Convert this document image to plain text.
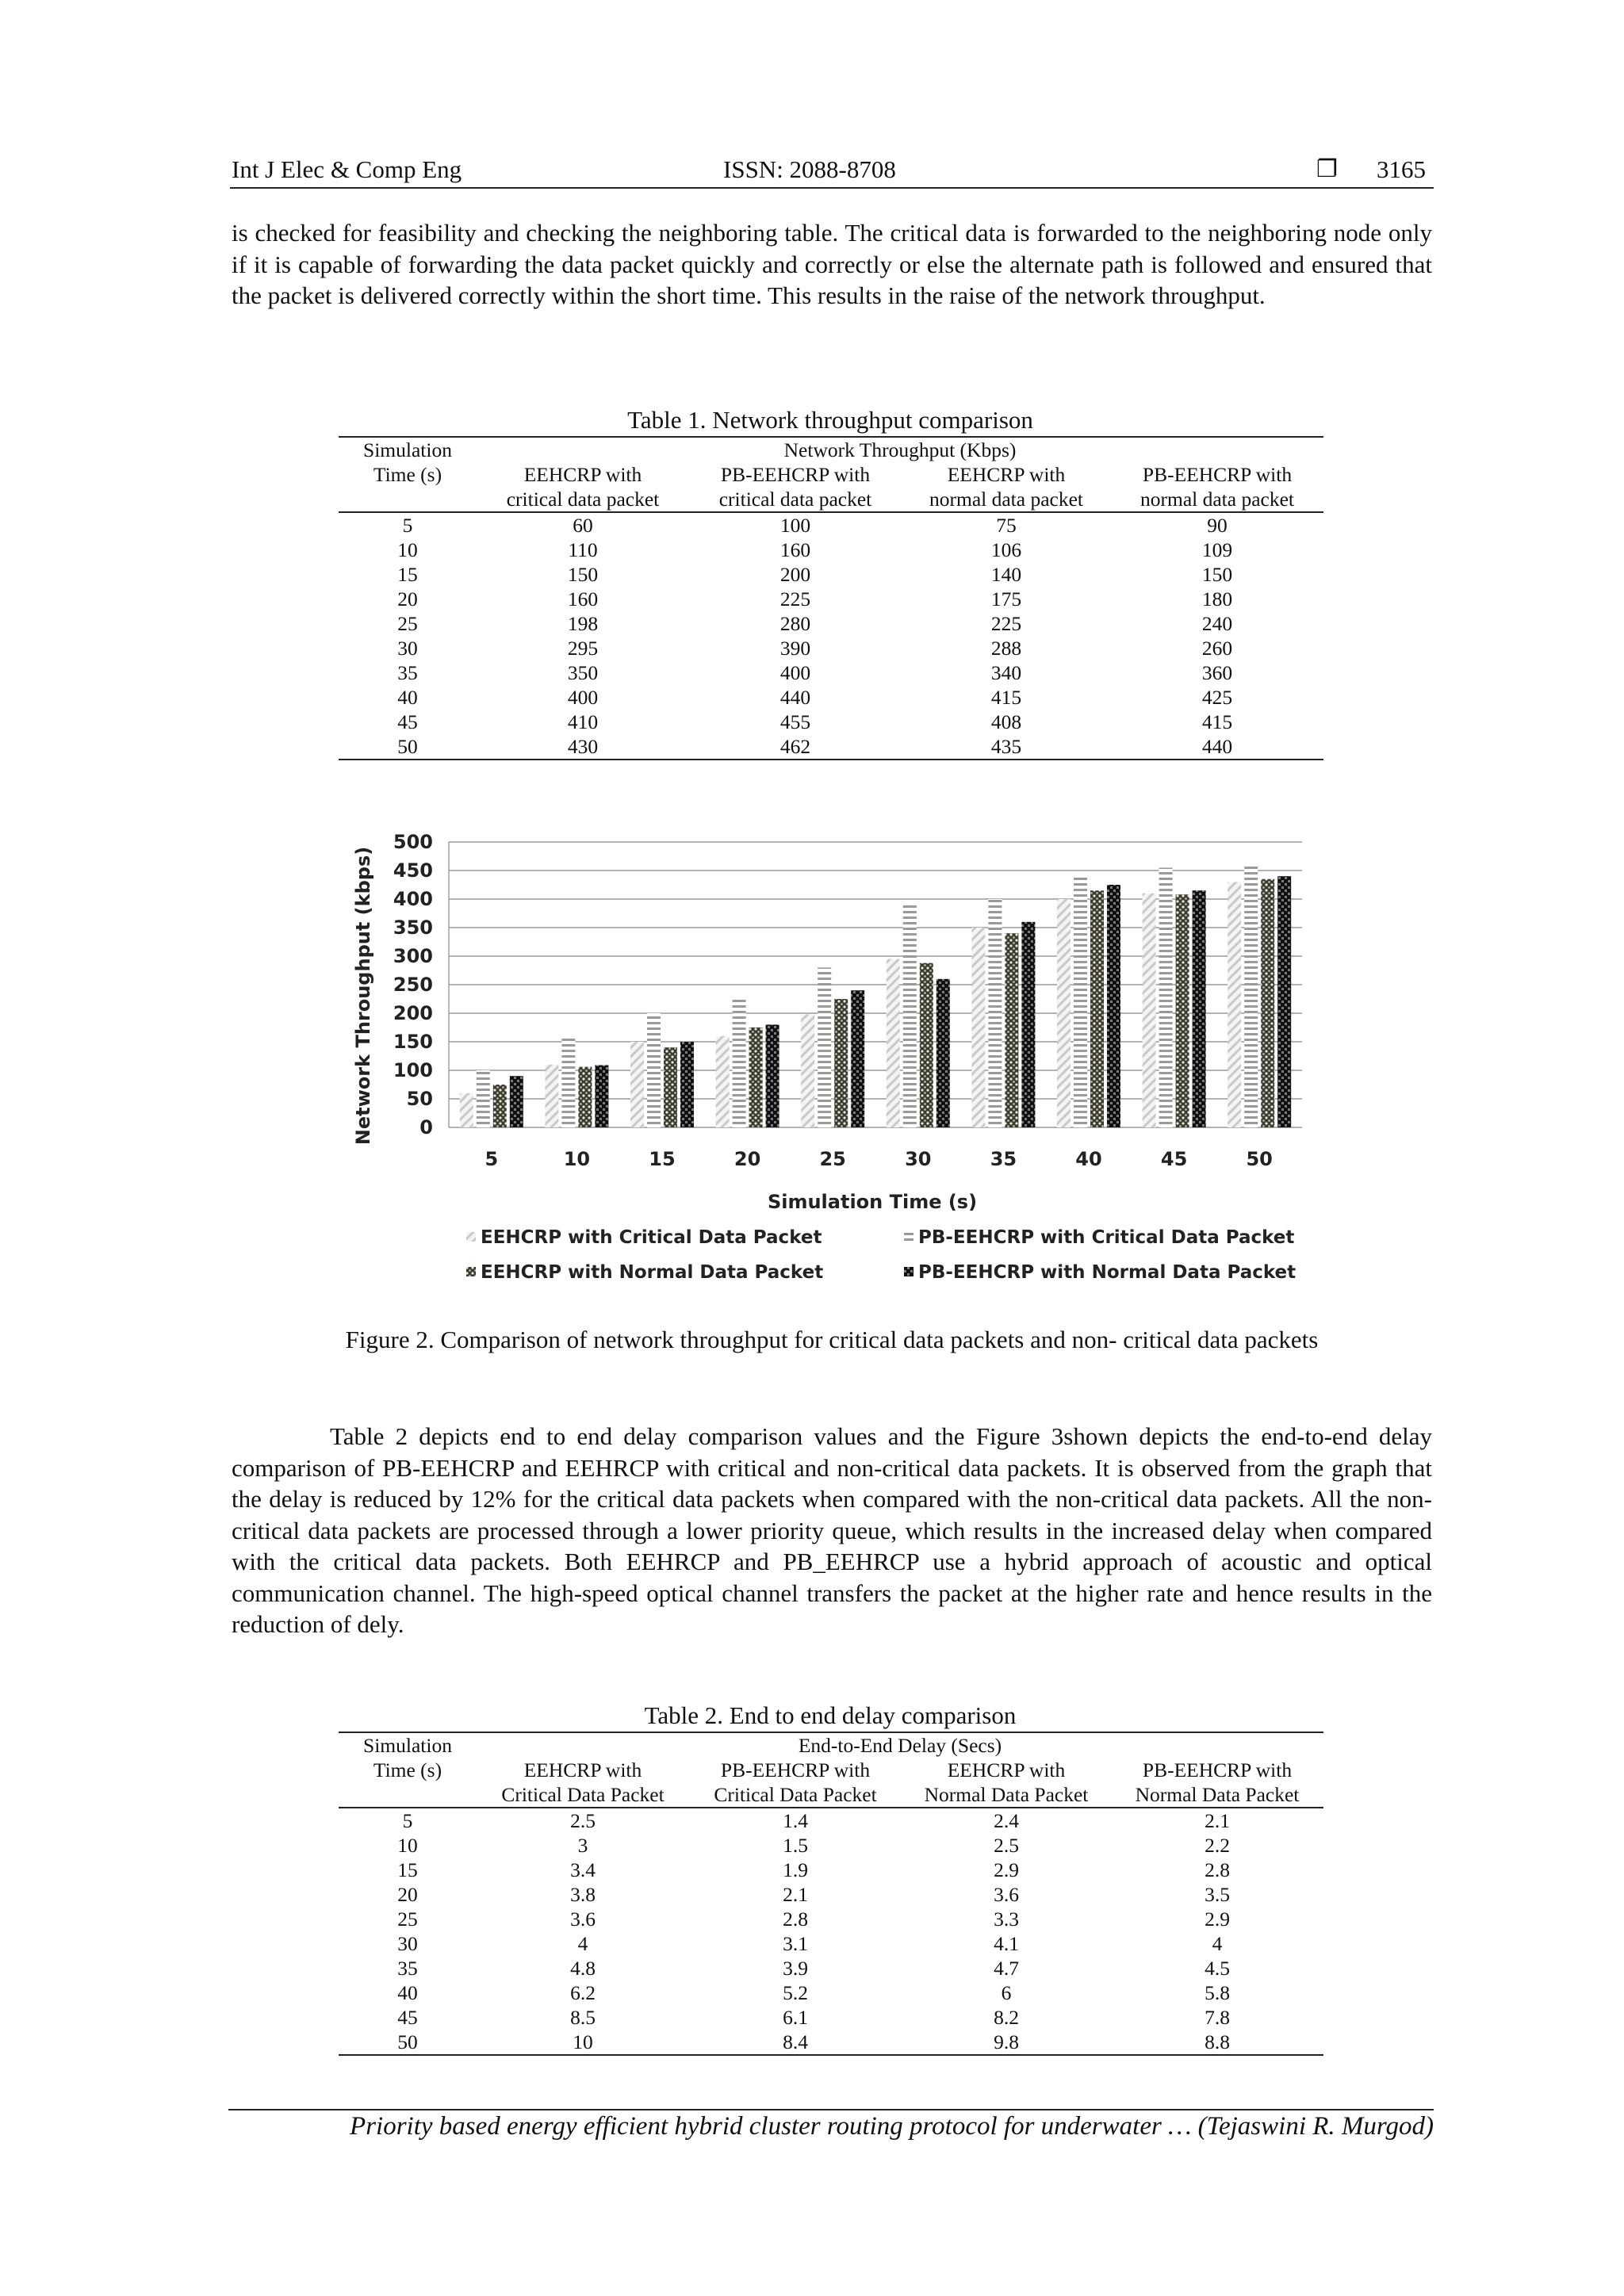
Int J Elec & Comp Eng	ISSN: 2088-8708	❐ 3165
is checked for feasibility and checking the neighboring table. The critical data is forwarded to the neighboring node only if it is capable of forwarding the data packet quickly and correctly or else the alternate path is followed and ensured that the packet is delivered correctly within the short time. This results in the raise of the network throughput.
Table 1. Network throughput comparison
Simulation	Network Throughput (Kbps)			
Time (s)	EEHCRP with	PB-EEHCRP with	EEHCRP with	PB-EEHCRP with
	critical data packet	critical data packet	normal data packet	normal data packet
5	60	100	75	90
10	110	160	106	109
15	150	200	140	150
20	160	225	175	180
25	198	280	225	240
30	295	390	288	260
35	350	400	340	360
40	400	440	415	425
45	410	455	408	415
50	430	462	435	440
0
50
100
150
200
250
300
350
400
450
500
5	10	15	20	25	30	35	40	45	50
Simulation Time (s)
Network Throughput (kbps)
EEHCRP with Critical Data Packet	PB-EEHCRP with Critical Data Packet
EEHCRP with Normal Data Packet	PB-EEHCRP with Normal Data Packet
Figure 2. Comparison of network throughput for critical data packets and non- critical data packets
Table 2 depicts end to end delay comparison values and the Figure 3shown depicts the end-to-end delay comparison of PB-EEHCRP and EEHRCP with critical and non-critical data packets. It is observed from the graph that the delay is reduced by 12% for the critical data packets when compared with the non-critical data packets. All the non-critical data packets are processed through a lower priority queue, which results in the increased delay when compared with the critical data packets. Both EEHRCP and PB_EEHRCP use a hybrid approach of acoustic and optical communication channel. The high-speed optical channel transfers the packet at the higher rate and hence results in the reduction of dely.
Table 2. End to end delay comparison
Simulation	End-to-End Delay (Secs)			
Time (s)	EEHCRP with	PB-EEHCRP with	EEHCRP with	PB-EEHCRP with
	Critical Data Packet	Critical Data Packet	Normal Data Packet	Normal Data Packet
5	2.5	1.4	2.4	2.1
10	3	1.5	2.5	2.2
15	3.4	1.9	2.9	2.8
20	3.8	2.1	3.6	3.5
25	3.6	2.8	3.3	2.9
30	4	3.1	4.1	4
35	4.8	3.9	4.7	4.5
40	6.2	5.2	6	5.8
45	8.5	6.1	8.2	7.8
50	10	8.4	9.8	8.8
Priority based energy efficient hybrid cluster routing protocol for underwater … (Tejaswini R. Murgod)
